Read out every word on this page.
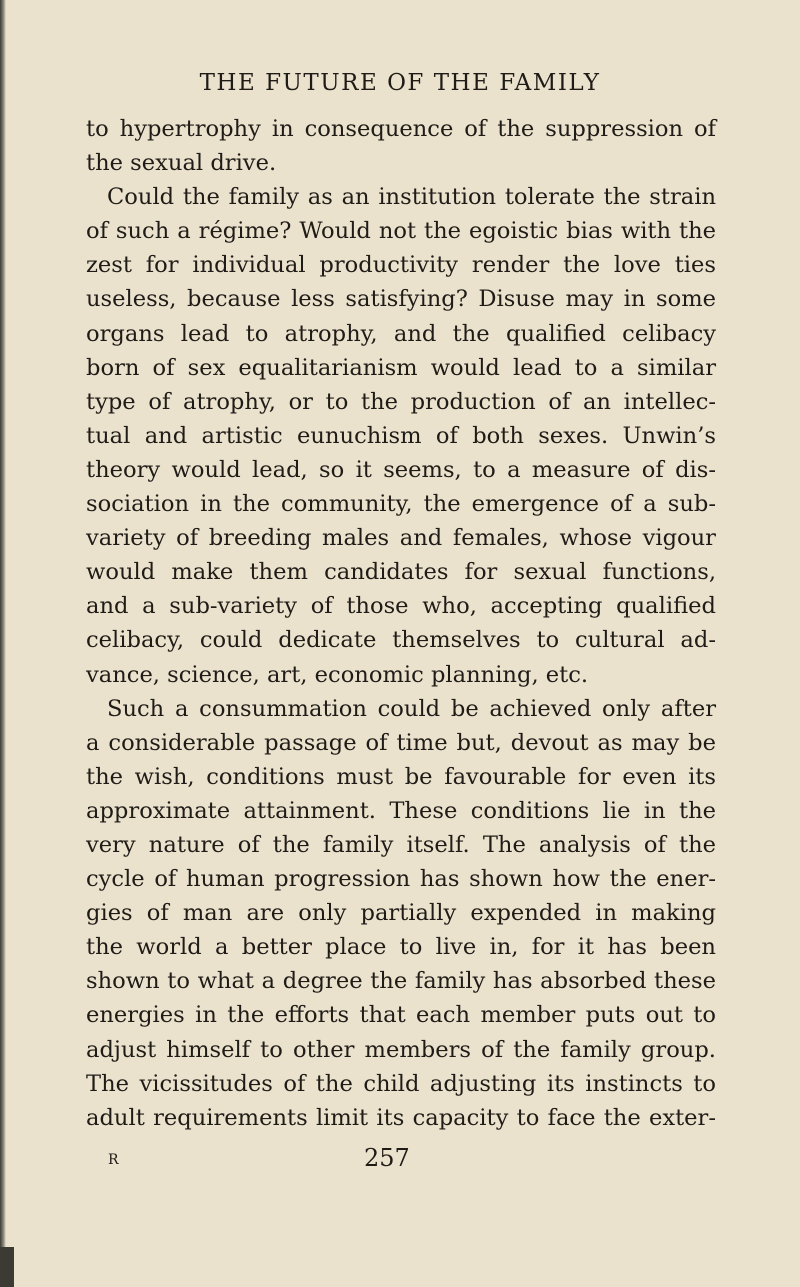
THE FUTURE OF THE FAMILY
to hypertrophy in consequence of the suppression of
the sexual drive.
Could the family as an institution tolerate the strain
of such a régime? Would not the egoistic bias with the
zest for individual productivity render the love ties
useless, because less satisfying? Disuse may in some
organs lead to atrophy, and the qualified celibacy
born of sex equalitarianism would lead to a similar
type of atrophy, or to the production of an intellec-
tual and artistic eunuchism of both sexes. Unwin’s
theory would lead, so it seems, to a measure of dis-
sociation in the community, the emergence of a sub-
variety of breeding males and females, whose vigour
would make them candidates for sexual functions,
and a sub-variety of those who, accepting qualified
celibacy, could dedicate themselves to cultural ad-
vance, science, art, economic planning, etc.
Such a consummation could be achieved only after
a considerable passage of time but, devout as may be
the wish, conditions must be favourable for even its
approximate attainment. These conditions lie in the
very nature of the family itself. The analysis of the
cycle of human progression has shown how the ener-
gies of man are only partially expended in making
the world a better place to live in, for it has been
shown to what a degree the family has absorbed these
energies in the efforts that each member puts out to
adjust himself to other members of the family group.
The vicissitudes of the child adjusting its instincts to
adult requirements limit its capacity to face the exter-
R	257
